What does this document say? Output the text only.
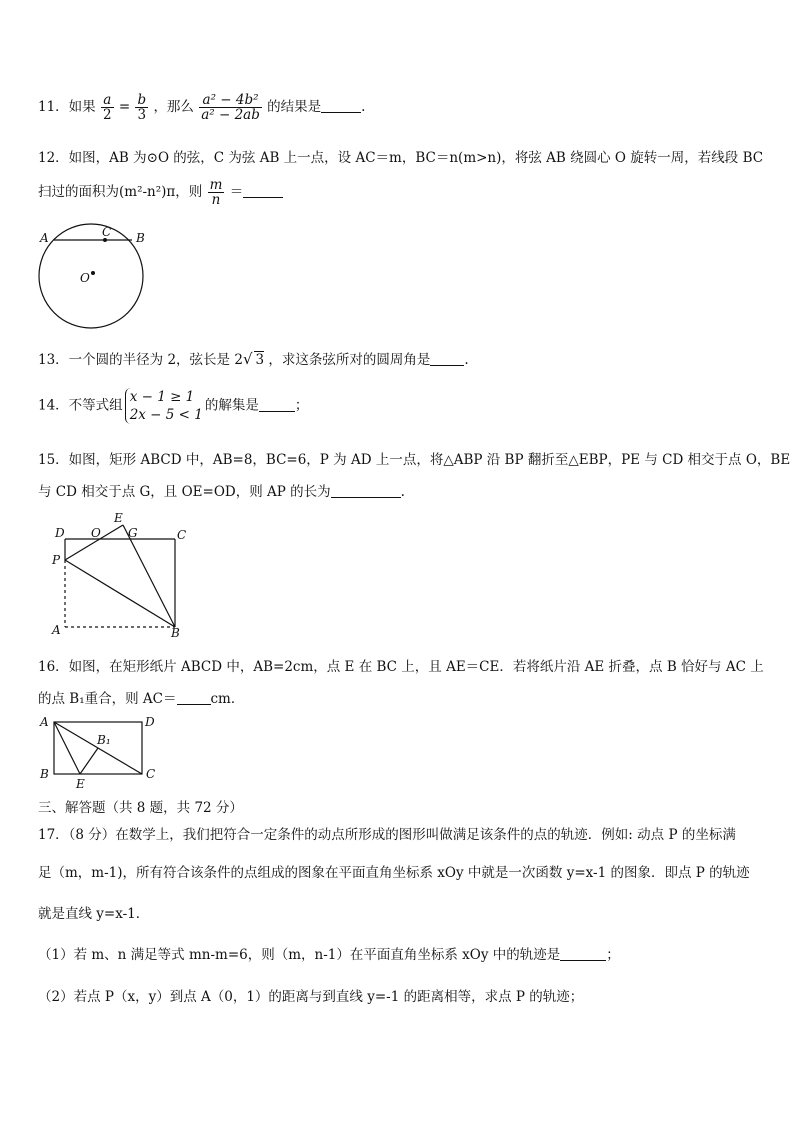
11．如果 $\frac{a}{2} = \frac{b}{3}$ ，那么 $\frac{\text{a² − 4b²}}{\text{a² − 2ab}}$ 的结果是	.
12．如图，AB 为⊙O 的弦，C 为弦 AB 上一点，设 AC＝m，BC＝n(m>n)，将弦 AB 绕圆心 O 旋转一周，若线段 BC
扫过的面积为(m²-n²)π，则 $\frac{m}{n}$ ＝
A	B
C
O
13．一个圆的半径为 2，弦长是 2√ 3 ，求这条弦所对的圆周角是	.
14．不等式组
x − 1 ≥ 1
2x − 5 < 1
的解集是	；
15．如图，矩形 ABCD 中，AB=8，BC=6，P 为 AD 上一点，将△ABP 沿 BP 翻折至△EBP，PE 与 CD 相交于点 O，BE
与 CD 相交于点 G，且 OE=OD，则 AP 的长为	.
D O
E
G	C
P
A	B
16．如图，在矩形纸片 ABCD 中，AB=2cm，点 E 在 BC 上，且 AE＝CE．若将纸片沿 AE 折叠，点 B 恰好与 AC 上
的点 B₁重合，则 AC＝	cm．
A	D
B₁
B
E
C
三、解答题（共 8 题，共 72 分）
17．（8 分）在数学上，我们把符合一定条件的动点所形成的图形叫做满足该条件的点的轨迹．例如: 动点 P 的坐标满
足（m，m-1)，所有符合该条件的点组成的图象在平面直角坐标系 xOy 中就是一次函数 y=x-1 的图象．即点 P 的轨迹
就是直线 y=x-1．
（1）若 m、n 满足等式 mn-m=6，则（m，n-1）在平面直角坐标系 xOy 中的轨迹是	；
（2）若点 P（x，y）到点 A（0，1）的距离与到直线 y=-1 的距离相等，求点 P 的轨迹；
